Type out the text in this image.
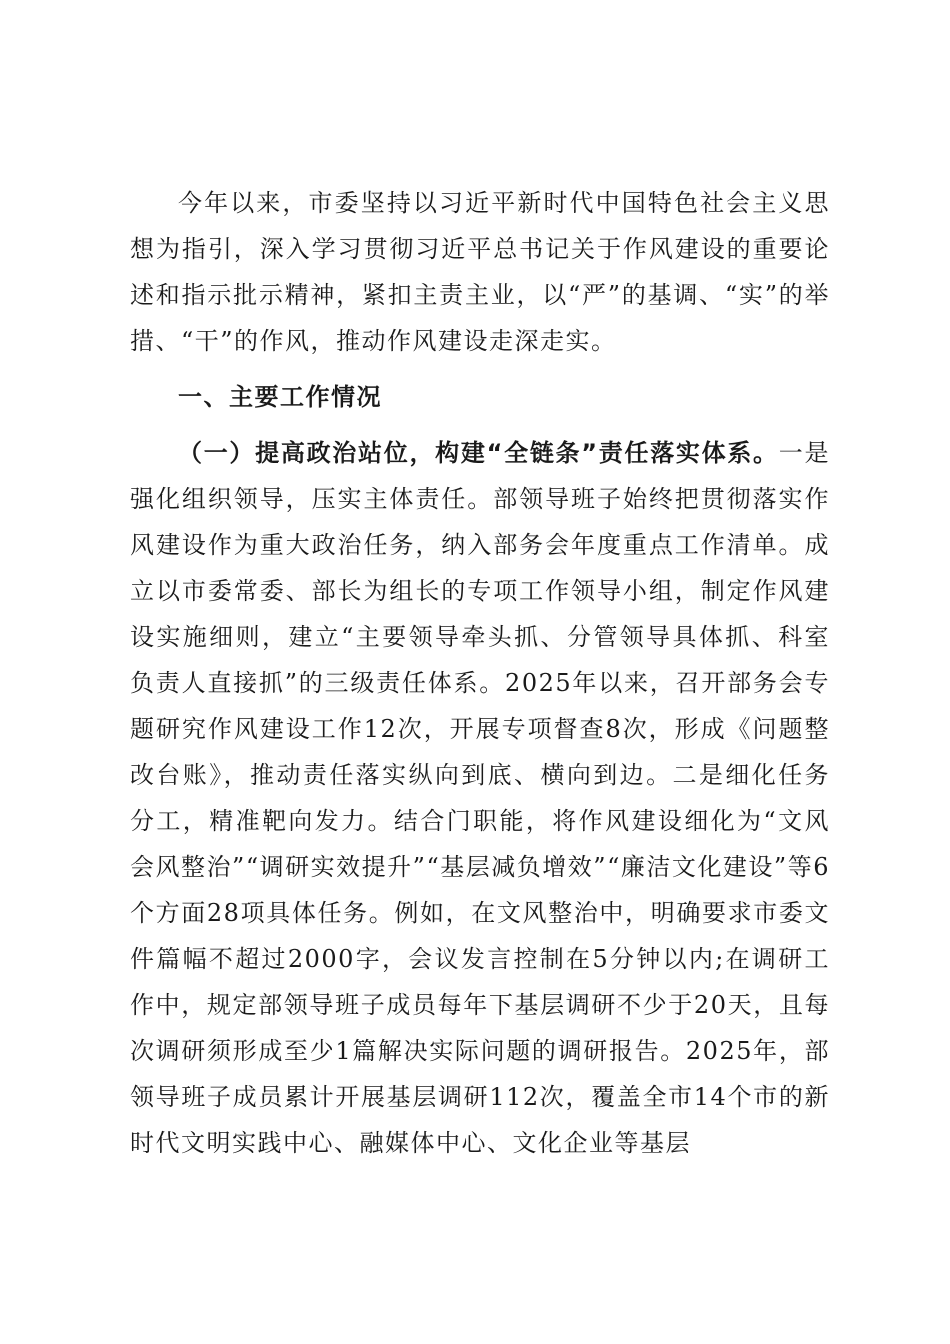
今年以来，市委坚持以习近平新时代中国特色社会主义思想为指引，深入学习贯彻习近平总书记关于作风建设的重要论述和指示批示精神，紧扣主责主业，以“严”的基调、“实”的举措、“干”的作风，推动作风建设走深走实。

一、主要工作情况

（一）提高政治站位，构建“全链条”责任落实体系。一是强化组织领导，压实主体责任。部领导班子始终把贯彻落实作风建设作为重大政治任务，纳入部务会年度重点工作清单。成立以市委常委、部长为组长的专项工作领导小组，制定作风建设实施细则，建立“主要领导牵头抓、分管领导具体抓、科室负责人直接抓”的三级责任体系。2025年以来，召开部务会专题研究作风建设工作12次，开展专项督查8次，形成《问题整改台账》，推动责任落实纵向到底、横向到边。二是细化任务分工，精准靶向发力。结合门职能，将作风建设细化为“文风会风整治”“调研实效提升”“基层减负增效”“廉洁文化建设”等6个方面28项具体任务。例如，在文风整治中，明确要求市委文件篇幅不超过2000字，会议发言控制在5分钟以内;在调研工作中，规定部领导班子成员每年下基层调研不少于20天，且每次调研须形成至少1篇解决实际问题的调研报告。2025年，部领导班子成员累计开展基层调研112次，覆盖全市14个市的新时代文明实践中心、融媒体中心、文化企业等基层
